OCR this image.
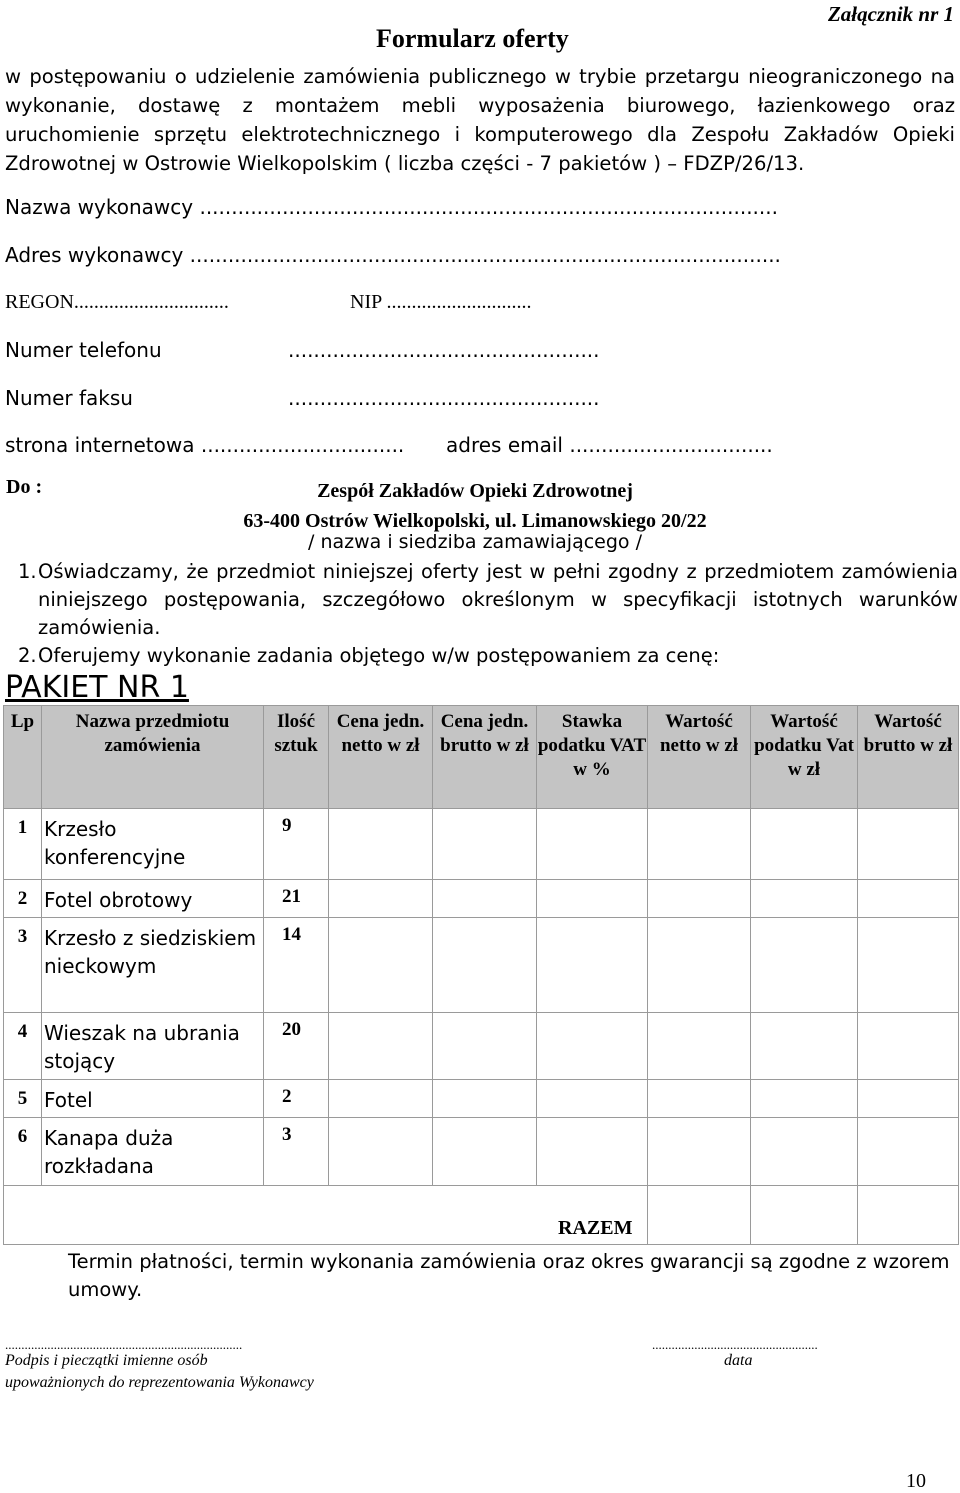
Załącznik nr 1
Formularz oferty
w postępowaniu o udzielenie zamówienia publicznego w trybie przetargu nieograniczonego na wykonanie, dostawę z montażem mebli wyposażenia biurowego, łazienkowego oraz uruchomienie sprzętu elektrotechnicznego i komputerowego dla Zespołu Zakładów Opieki Zdrowotnej w Ostrowie Wielkopolskim ( liczba części - 7 pakietów ) – FDZP/26/13.
Nazwa wykonawcy ...........................................................................................
Adres wykonawcy .............................................................................................
REGON...............................	NIP .............................
Numer telefonu	.................................................
Numer faksu	.................................................
strona internetowa ................................ adres email ................................
Do :	Zespół Zakładów Opieki Zdrowotnej
63-400 Ostrów Wielkopolski, ul. Limanowskiego 20/22
/ nazwa i siedziba zamawiającego /
1. Oświadczamy, że przedmiot niniejszej oferty jest w pełni zgodny z przedmiotem zamówienia niniejszego postępowania, szczegółowo określonym w specyfikacji istotnych warunków zamówienia.
2. Oferujemy wykonanie zadania objętego w/w postępowaniem za cenę:
PAKIET NR 1
Lp	Nazwa przedmiotu zamówienia	Ilość sztuk	Cena jedn. netto w zł	Cena jedn. brutto w zł	Stawka podatku VAT w %	Wartość netto w zł	Wartość podatku Vat w zł	Wartość brutto w zł
1	Krzesło konferencyjne	9						
2	Fotel obrotowy	21						
3	Krzesło z siedziskiem nieckowym	14						
4	Wieszak na ubrania stojący	20						
5	Fotel	2						
6	Kanapa duża rozkładana	3						

RAZEM
Termin płatności, termin wykonania zamówienia oraz okres gwarancji są zgodne z wzorem umowy.
.........................................................................
Podpis i pieczątki imienne osób
upoważnionych do reprezentowania Wykonawcy
...................................................
data
10
